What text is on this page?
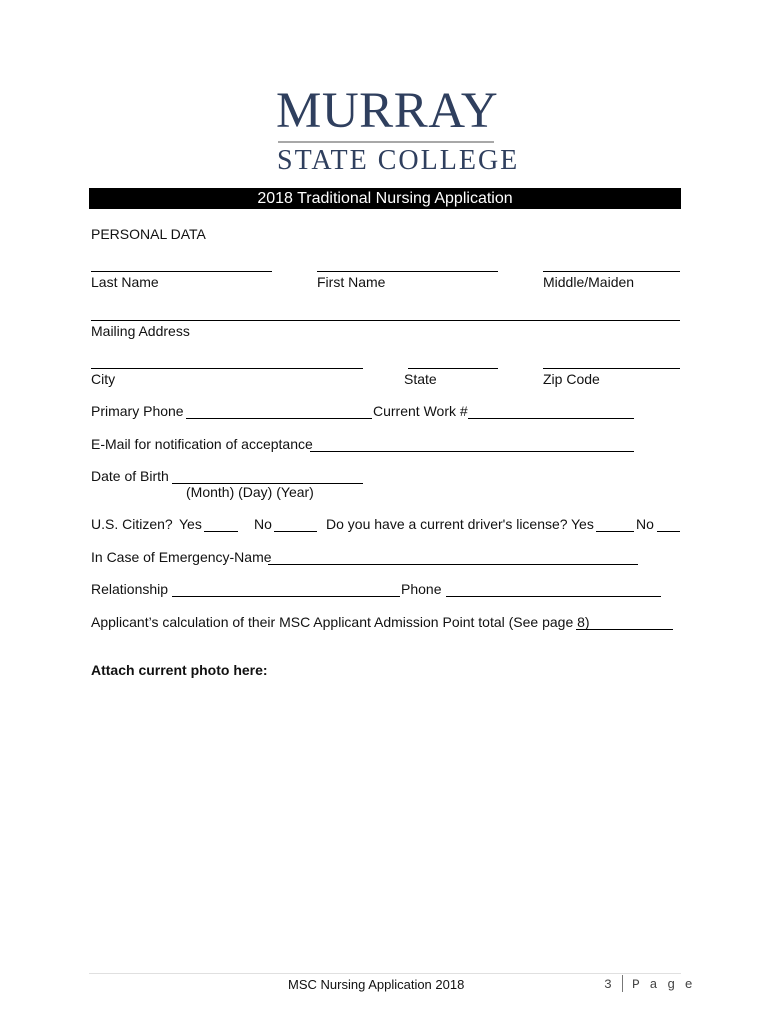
MURRAY
STATE COLLEGE
2018 Traditional Nursing Application
PERSONAL DATA
Last Name	First Name	Middle/Maiden
Mailing Address
City	State	Zip Code
Primary Phone	Current Work #
E-Mail for notification of acceptance
Date of Birth
(Month) (Day) (Year)
U.S. Citizen? Yes	No	Do you have a current driver's license? Yes	No
In Case of Emergency-Name
Relationship	Phone
Applicant’s calculation of their MSC Applicant Admission Point total (See page 8)
Attach current photo here:
MSC Nursing Application 2018	3 P a g e
